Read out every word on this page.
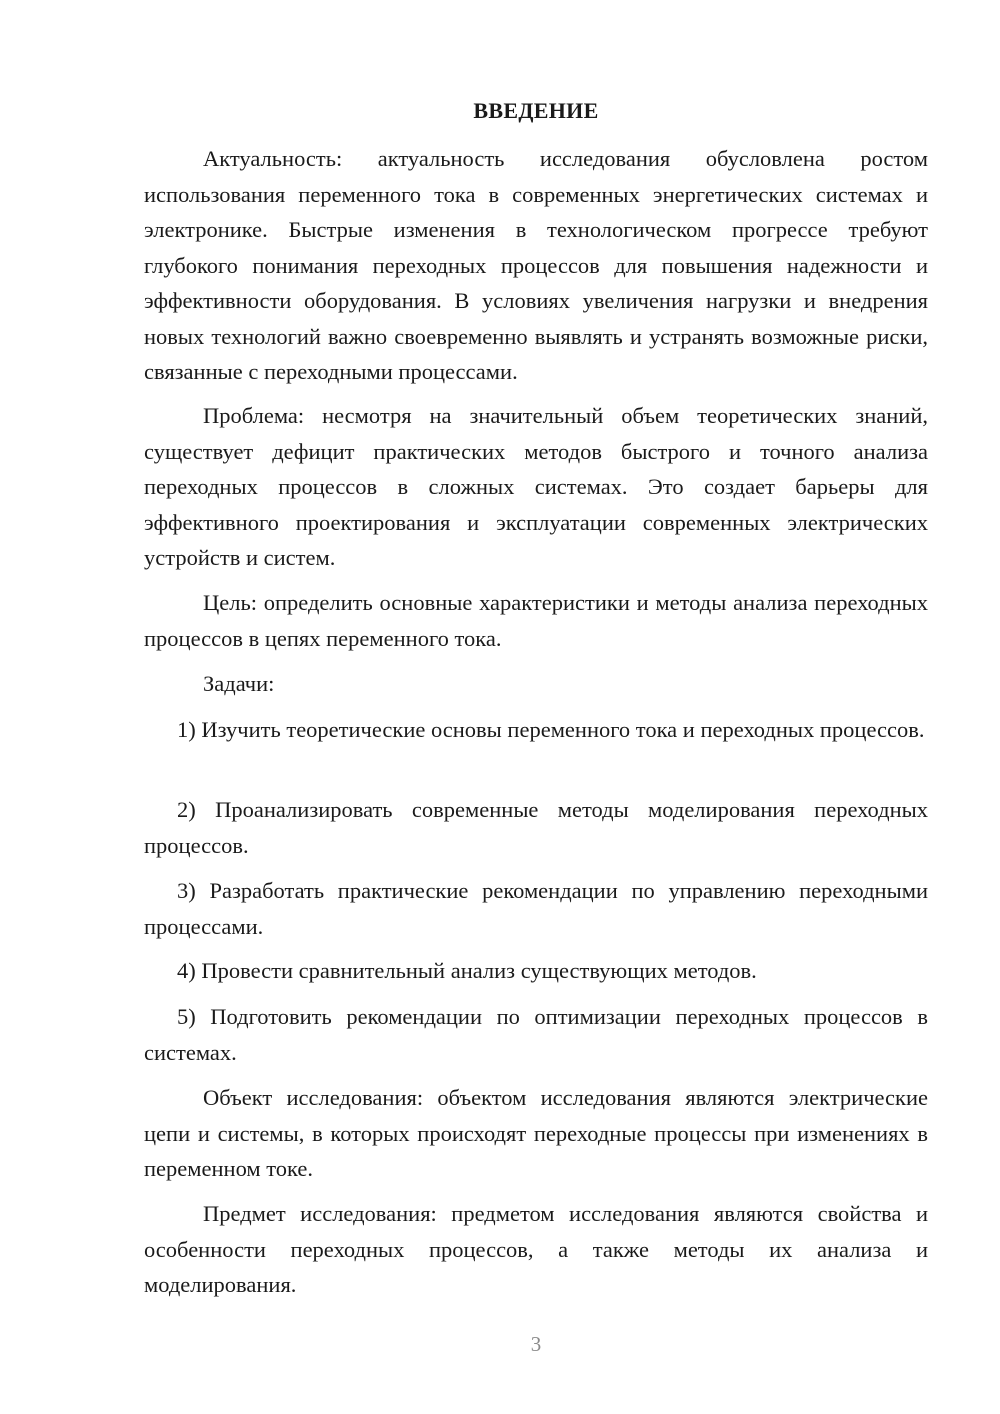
ВВЕДЕНИЕ

Актуальность: актуальность исследования обусловлена ростом использования переменного тока в современных энергетических системах и электронике. Быстрые изменения в технологическом прогрессе требуют глубокого понимания переходных процессов для повышения надежности и эффективности оборудования. В условиях увеличения нагрузки и внедрения новых технологий важно своевременно выявлять и устранять возможные риски, связанные с переходными процессами.

Проблема: несмотря на значительный объем теоретических знаний, существует дефицит практических методов быстрого и точного анализа переходных процессов в сложных системах. Это создает барьеры для эффективного проектирования и эксплуатации современных электрических устройств и систем.

Цель: определить основные характеристики и методы анализа переходных процессов в цепях переменного тока.

Задачи:

1) Изучить теоретические основы переменного тока и переходных процессов.

2) Проанализировать современные методы моделирования переходных процессов.

3) Разработать практические рекомендации по управлению переходными процессами.

4) Провести сравнительный анализ существующих методов.

5) Подготовить рекомендации по оптимизации переходных процессов в системах.

Объект исследования: объектом исследования являются электрические цепи и системы, в которых происходят переходные процессы при изменениях в переменном токе.

Предмет исследования: предметом исследования являются свойства и особенности переходных процессов, а также методы их анализа и моделирования.

3
